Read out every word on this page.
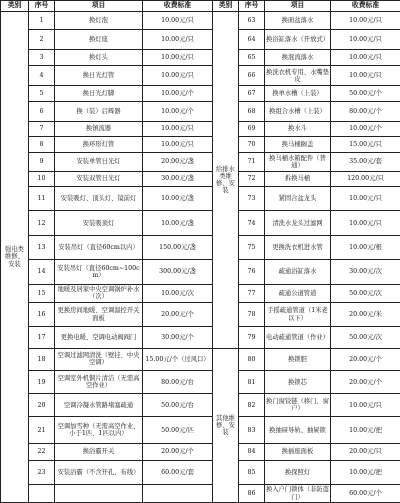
类别	序号	项目	收费标准	类别	序号	项目	收费标准
强电类维修、安装	1	换灯泡	10.00元/只	给排水类维修、安装	63	换面盆落水	10.00元/只
	2	换灯座	10.00元/只		64	换浴缸落水（开放式）	10.00元/只
	3	换灯头	10.00元/只		65	换混流落水	10.00元/只
	4	换日光灯管	10.00元/只		66	换洗衣机专用、水嘴垫皮	10.00元/只
	5	换日光灯脚	10.00元/个		67	换单水槽（上装）	50.00元/个
	6	换（装）启辉器	10.00元/个		68	换组合水槽（上装）	80.00元/个
	7	换镇流器	10.00元/只		69	换水斗	10.00元/个
	8	换环形灯管	10.00元/只		70	换马桶搁盖	15.00元/只
	9	安装单管日光灯	20.00元/盏		71	换马桶水箱配件（普通）	35.00元/套
	10	安装双管日光灯	30.00元/盏		72	拆换马桶	120.00元/只
	11	安装吸灯、顶头灯、镜前灯	10.00元/盏		73	紧固合盆龙头	10.00元/只
	12	安装吸顶灯	10.00元/盏		74	清洗水龙头过滤网	10.00元/只
	13	安装吊灯（直径60cm以内）	150.00元/盏		75	更换洗衣机进水管	10.00元/根
	14	安装吊灯（直径60cm~100cm）	300.00元/盏		76	疏通浴缸落水	30.00元/次
	15	地暖及居家中央空调锅炉补水（次）	10.00元/次		77	疏通公道管道	50.00元/次
	16	更换房间地暖、空调温控开关面板	20.00元/个		78	手摇疏通管道（1米老以下）	20.00元/米
	17	更换电暖、空调电动阀阀门	30.00元/个		79	电动疏通管道（作业）	50.00元/次
	18	空调过滤网清洗（壁挂、中央空调）	15.00元/个（过风口）	其他维修、安装	80	换锁胆	20.00元/个
	19	空调室外机铜片清洁（无需高空作业）	80.00元/台		81	换锁芯	20.00元/个
	20	空调冷凝水管路堵塞疏通	50.00元/台		82	换门窗铰链（移门、窗户）	10.00元/只
	21	空调加雪种（无需高空作业、小于1匹、1匹以内）	50.00元/匹		83	换抽屉导轨、抽屉锁	10.00元/把
	22	换浴霸开关	20.00元/个		84	换插座面板	20.00元/只
	23	安装浴霸（不含开孔，布线）	60.00元/套		85	换探照灯	10.00元/把
					86	换入户门锁体（非防盗门）	60.00元/个
